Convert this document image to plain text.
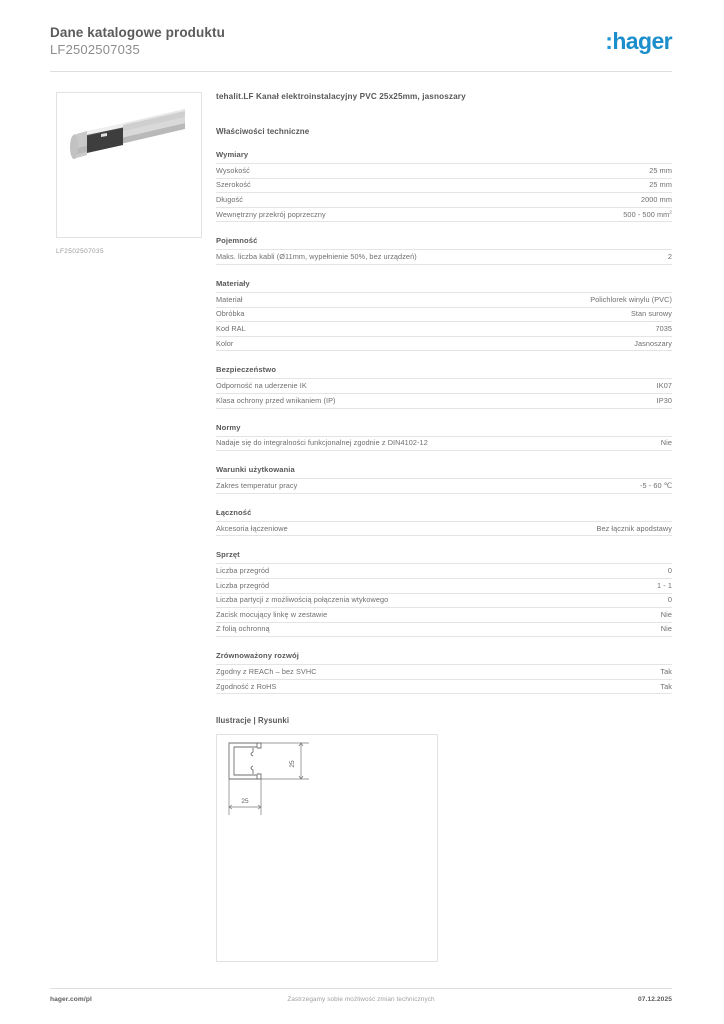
Dane katalogowe produktu
LF2502507035	:hager
LF2502507035
tehalit.LF Kanał elektroinstalacyjny PVC 25x25mm, jasnoszary
Właściwości techniczne
Wymiary
Wysokość	25 mm
Szerokość	25 mm
Długość	2000 mm
Wewnętrzny przekrój poprzeczny	500 - 500 $mm^2$
Pojemność
Maks. liczba kabli (Ø11mm, wypełnienie 50%, bez urządzeń)	2
Materiały
Materiał	Polichlorek winylu (PVC)
Obróbka	Stan surowy
Kod RAL	7035
Kolor	Jasnoszary
Bezpieczeństwo
Odporność na uderzenie IK	IK07
Klasa ochrony przed wnikaniem (IP)	IP30
Normy
Nadaje się do integralności funkcjonalnej zgodnie z DIN4102-12	Nie
Warunki użytkowania
Zakres temperatur pracy	-5 - 60 ℃
Łączność
Akcesoria łączeniowe	Bez łącznik apodstawy
Sprzęt
Liczba przegród	0
Liczba przegród	1 - 1
Liczba partycji z możliwością połączenia wtykowego	0
Zacisk mocujący linkę w zestawie	Nie
Z folią ochronną	Nie
Zrównoważony rozwój
Zgodny z REACh – bez SVHC	Tak
Zgodność z RoHS	Tak
Ilustracje | Rysunki
25
25
hager.com/pl	Zastrzegamy sobie możliwość zmian technicznych	07.12.2025
